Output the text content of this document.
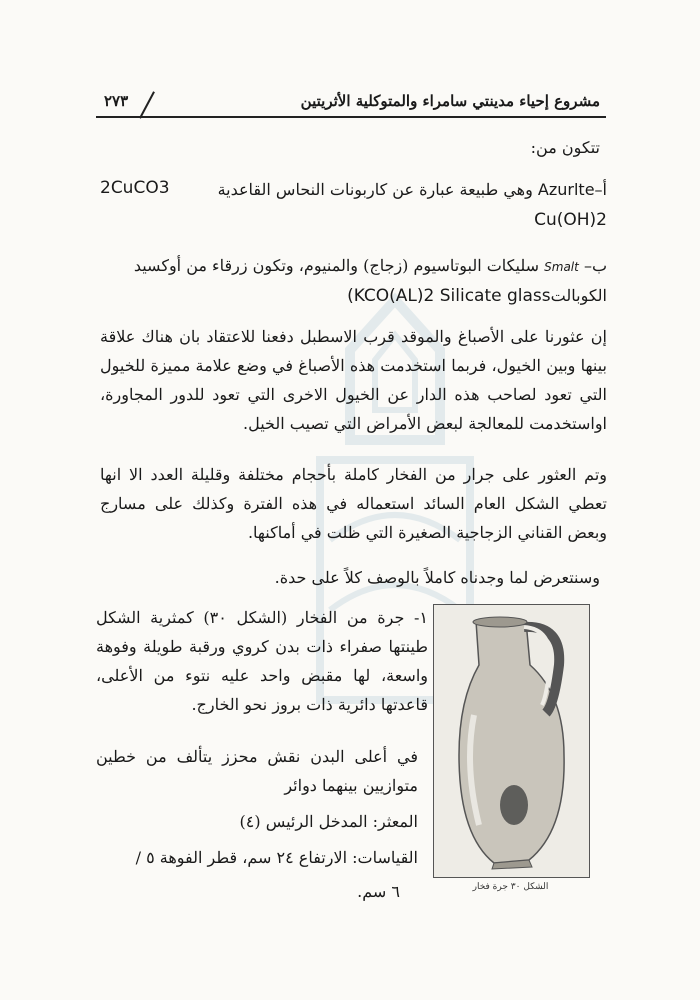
مشروع إحياء مدينتي سامراء والمتوكلية الأثريتين
٢٧٣
تتكون من:
أ–Azurlte وهي طبيعة عبارة عن كاربونات النحاس القاعدية
2CuCO3
Cu(OH)2
ب– Smalt سليكات البوتاسيوم (زجاج) والمنيوم، وتكون زرقاء من أوكسيد
الكوبالت(KCO(AL)2 Silicate glass
إن عثورنا على الأصباغ والموقد قرب الاسطبل دفعنا للاعتقاد بان هناك علاقة بينها وبين الخيول، فربما استخدمت هذه الأصباغ في وضع علامة مميزة للخيول التي تعود لصاحب هذه الدار عن الخيول الاخرى التي تعود للدور المجاورة، اواستخدمت للمعالجة لبعض الأمراض التي تصيب الخيل.
وتم العثور على جرار من الفخار كاملة بأحجام مختلفة وقليلة العدد الا انها تعطي الشكل العام السائد استعماله في هذه الفترة وكذلك على مسارج وبعض القناني الزجاجية الصغيرة التي ظلت في أماكنها.
وسنتعرض لما وجدناه كاملاً بالوصف كلاً على حدة.
الشكل ٣٠ جرة فخار
١- جرة من الفخار (الشكل ٣٠) كمثرية الشكل طينتها صفراء ذات بدن كروي ورقبة طويلة وفوهة واسعة، لها مقبض واحد عليه نتوء من الأعلى، قاعدتها دائرية ذات بروز نحو الخارج.
في أعلى البدن نقش محزز يتألف من خطين متوازيين بينهما دوائر
المعثر: المدخل الرئيس (٤)
القياسات: الارتفاع ٢٤ سم، قطر الفوهة ٥ /
٦ سم.
